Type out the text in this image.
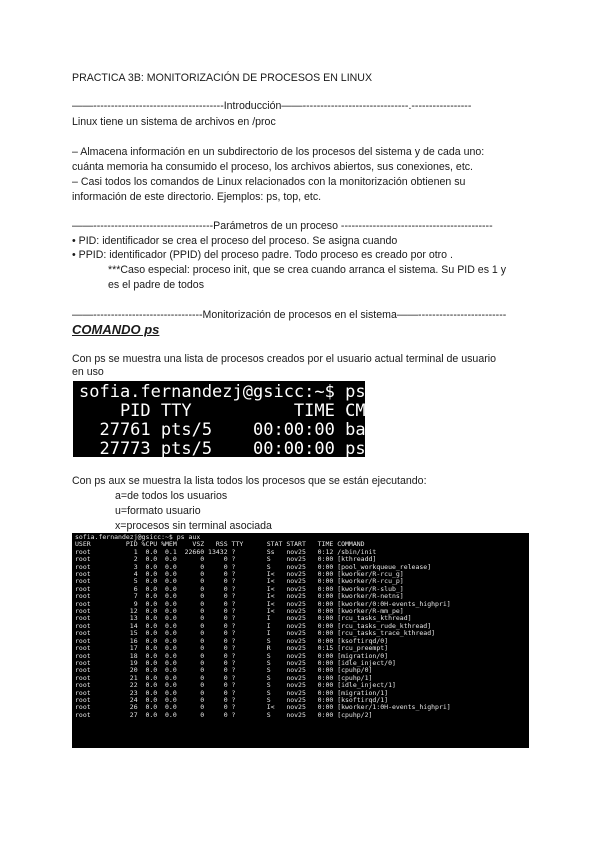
PRACTICA 3B: MONITORIZACIÓN DE PROCESOS EN LINUX
——-------------------------------------Introducción——------------------------------.-----------------
Linux tiene un sistema de archivos en /proc
– Almacena información en un subdirectorio de los procesos del sistema y de cada uno:
cuánta memoria ha consumido el proceso, los archivos abiertos, sus conexiones, etc.
– Casi todos los comandos de Linux relacionados con la monitorización obtienen su
información de este directorio. Ejemplos: ps, top, etc.
——----------------------------------Parámetros de un proceso -------------------------------------------
• PID: identificador se crea el proceso del proceso. Se asigna cuando
• PPID: identificador (PPID) del proceso padre. Todo proceso es creado por otro .
***Caso especial: proceso init, que se crea cuando arranca el sistema. Su PID es 1 y
es el padre de todos
——-------------------------------Monitorización de procesos en el sistema——-------------------------
COMANDO ps
Con ps se muestra una lista de procesos creados por el usuario actual terminal de usuario
en uso
sofia.fernandezj@gsicc:~$ ps
PID TTY          TIME CMD
27761 pts/5    00:00:00 bash
27773 pts/5    00:00:00 ps
Con ps aux se muestra la lista todos los procesos que se están ejecutando:
a=de todos los usuarios
u=formato usuario
x=procesos sin terminal asociada
sofia.fernandezj@gsicc:~$ ps aux
USER         PID %CPU %MEM    VSZ   RSS TTY      STAT START   TIME COMMAND
root           1  0.0  0.1  22660 13432 ?        Ss   nov25   0:12 /sbin/init
root           2  0.0  0.0      0     0 ?        S    nov25   0:00 [kthreadd]
root           3  0.0  0.0      0     0 ?        S    nov25   0:00 [pool_workqueue_release]
root           4  0.0  0.0      0     0 ?        I<   nov25   0:00 [kworker/R-rcu_g]
root           5  0.0  0.0      0     0 ?        I<   nov25   0:00 [kworker/R-rcu_p]
root           6  0.0  0.0      0     0 ?        I<   nov25   0:00 [kworker/R-slub_]
root           7  0.0  0.0      0     0 ?        I<   nov25   0:00 [kworker/R-netns]
root           9  0.0  0.0      0     0 ?        I<   nov25   0:00 [kworker/0:0H-events_highpri]
root          12  0.0  0.0      0     0 ?        I<   nov25   0:00 [kworker/R-mm_pe]
root          13  0.0  0.0      0     0 ?        I    nov25   0:00 [rcu_tasks_kthread]
root          14  0.0  0.0      0     0 ?        I    nov25   0:00 [rcu_tasks_rude_kthread]
root          15  0.0  0.0      0     0 ?        I    nov25   0:00 [rcu_tasks_trace_kthread]
root          16  0.0  0.0      0     0 ?        S    nov25   0:00 [ksoftirqd/0]
root          17  0.0  0.0      0     0 ?        R    nov25   0:15 [rcu_preempt]
root          18  0.0  0.0      0     0 ?        S    nov25   0:00 [migration/0]
root          19  0.0  0.0      0     0 ?        S    nov25   0:00 [idle_inject/0]
root          20  0.0  0.0      0     0 ?        S    nov25   0:00 [cpuhp/0]
root          21  0.0  0.0      0     0 ?        S    nov25   0:00 [cpuhp/1]
root          22  0.0  0.0      0     0 ?        S    nov25   0:00 [idle_inject/1]
root          23  0.0  0.0      0     0 ?        S    nov25   0:00 [migration/1]
root          24  0.0  0.0      0     0 ?        S    nov25   0:00 [ksoftirqd/1]
root          26  0.0  0.0      0     0 ?        I<   nov25   0:00 [kworker/1:0H-events_highpri]
root          27  0.0  0.0      0     0 ?        S    nov25   0:00 [cpuhp/2]
